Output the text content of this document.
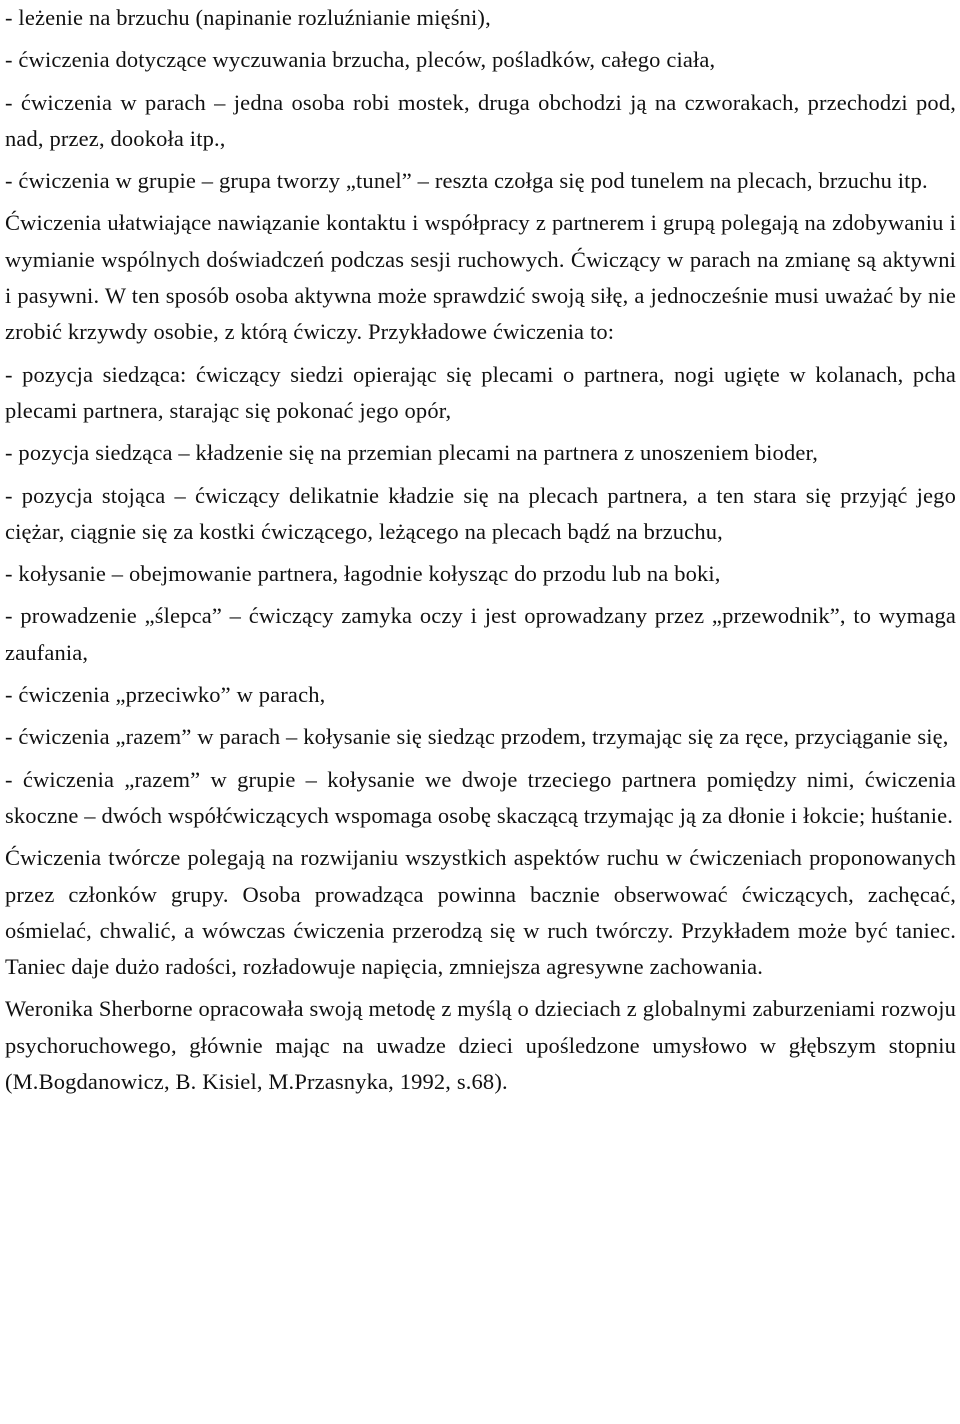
- leżenie na brzuchu (napinanie rozluźnianie mięśni),

- ćwiczenia dotyczące wyczuwania brzucha, pleców, pośladków, całego ciała,

- ćwiczenia w parach – jedna osoba robi mostek, druga obchodzi ją na czworakach, przechodzi pod, nad, przez, dookoła itp.,

- ćwiczenia w grupie – grupa tworzy „tunel” – reszta czołga się pod tunelem na plecach, brzuchu itp.

Ćwiczenia ułatwiające nawiązanie kontaktu i współpracy z partnerem i grupą polegają na zdobywaniu i wymianie wspólnych doświadczeń podczas sesji ruchowych. Ćwiczący w parach na zmianę są aktywni i pasywni. W ten sposób osoba aktywna może sprawdzić swoją siłę, a jednocześnie musi uważać by nie zrobić krzywdy osobie, z którą ćwiczy. Przykładowe ćwiczenia to:

- pozycja siedząca: ćwiczący siedzi opierając się plecami o partnera, nogi ugięte w kolanach, pcha plecami partnera, starając się pokonać jego opór,

- pozycja siedząca – kładzenie się na przemian plecami na partnera z unoszeniem bioder,

- pozycja stojąca – ćwiczący delikatnie kładzie się na plecach partnera, a ten stara się przyjąć jego ciężar, ciągnie się za kostki ćwiczącego, leżącego na plecach bądź na brzuchu,

- kołysanie – obejmowanie partnera, łagodnie kołysząc do przodu lub na boki,

- prowadzenie „ślepca” – ćwiczący zamyka oczy i jest oprowadzany przez „przewodnik”, to wymaga zaufania,

- ćwiczenia „przeciwko” w parach,

- ćwiczenia „razem” w parach – kołysanie się siedząc przodem, trzymając się za ręce, przyciąganie się,

- ćwiczenia „razem” w grupie – kołysanie we dwoje trzeciego partnera pomiędzy nimi, ćwiczenia skoczne – dwóch współćwiczących wspomaga osobę skaczącą trzymając ją za dłonie i łokcie; huśtanie.

Ćwiczenia twórcze polegają na rozwijaniu wszystkich aspektów ruchu w ćwiczeniach proponowanych przez członków grupy. Osoba prowadząca powinna bacznie obserwować ćwiczących, zachęcać, ośmielać, chwalić, a wówczas ćwiczenia przerodzą się w ruch twórczy. Przykładem może być taniec. Taniec daje dużo radości, rozładowuje napięcia, zmniejsza agresywne zachowania.

Weronika Sherborne opracowała swoją metodę z myślą o dzieciach z globalnymi zaburzeniami rozwoju psychoruchowego, głównie mając na uwadze dzieci upośledzone umysłowo w głębszym stopniu (M.Bogdanowicz, B. Kisiel, M.Przasnyka, 1992, s.68).
